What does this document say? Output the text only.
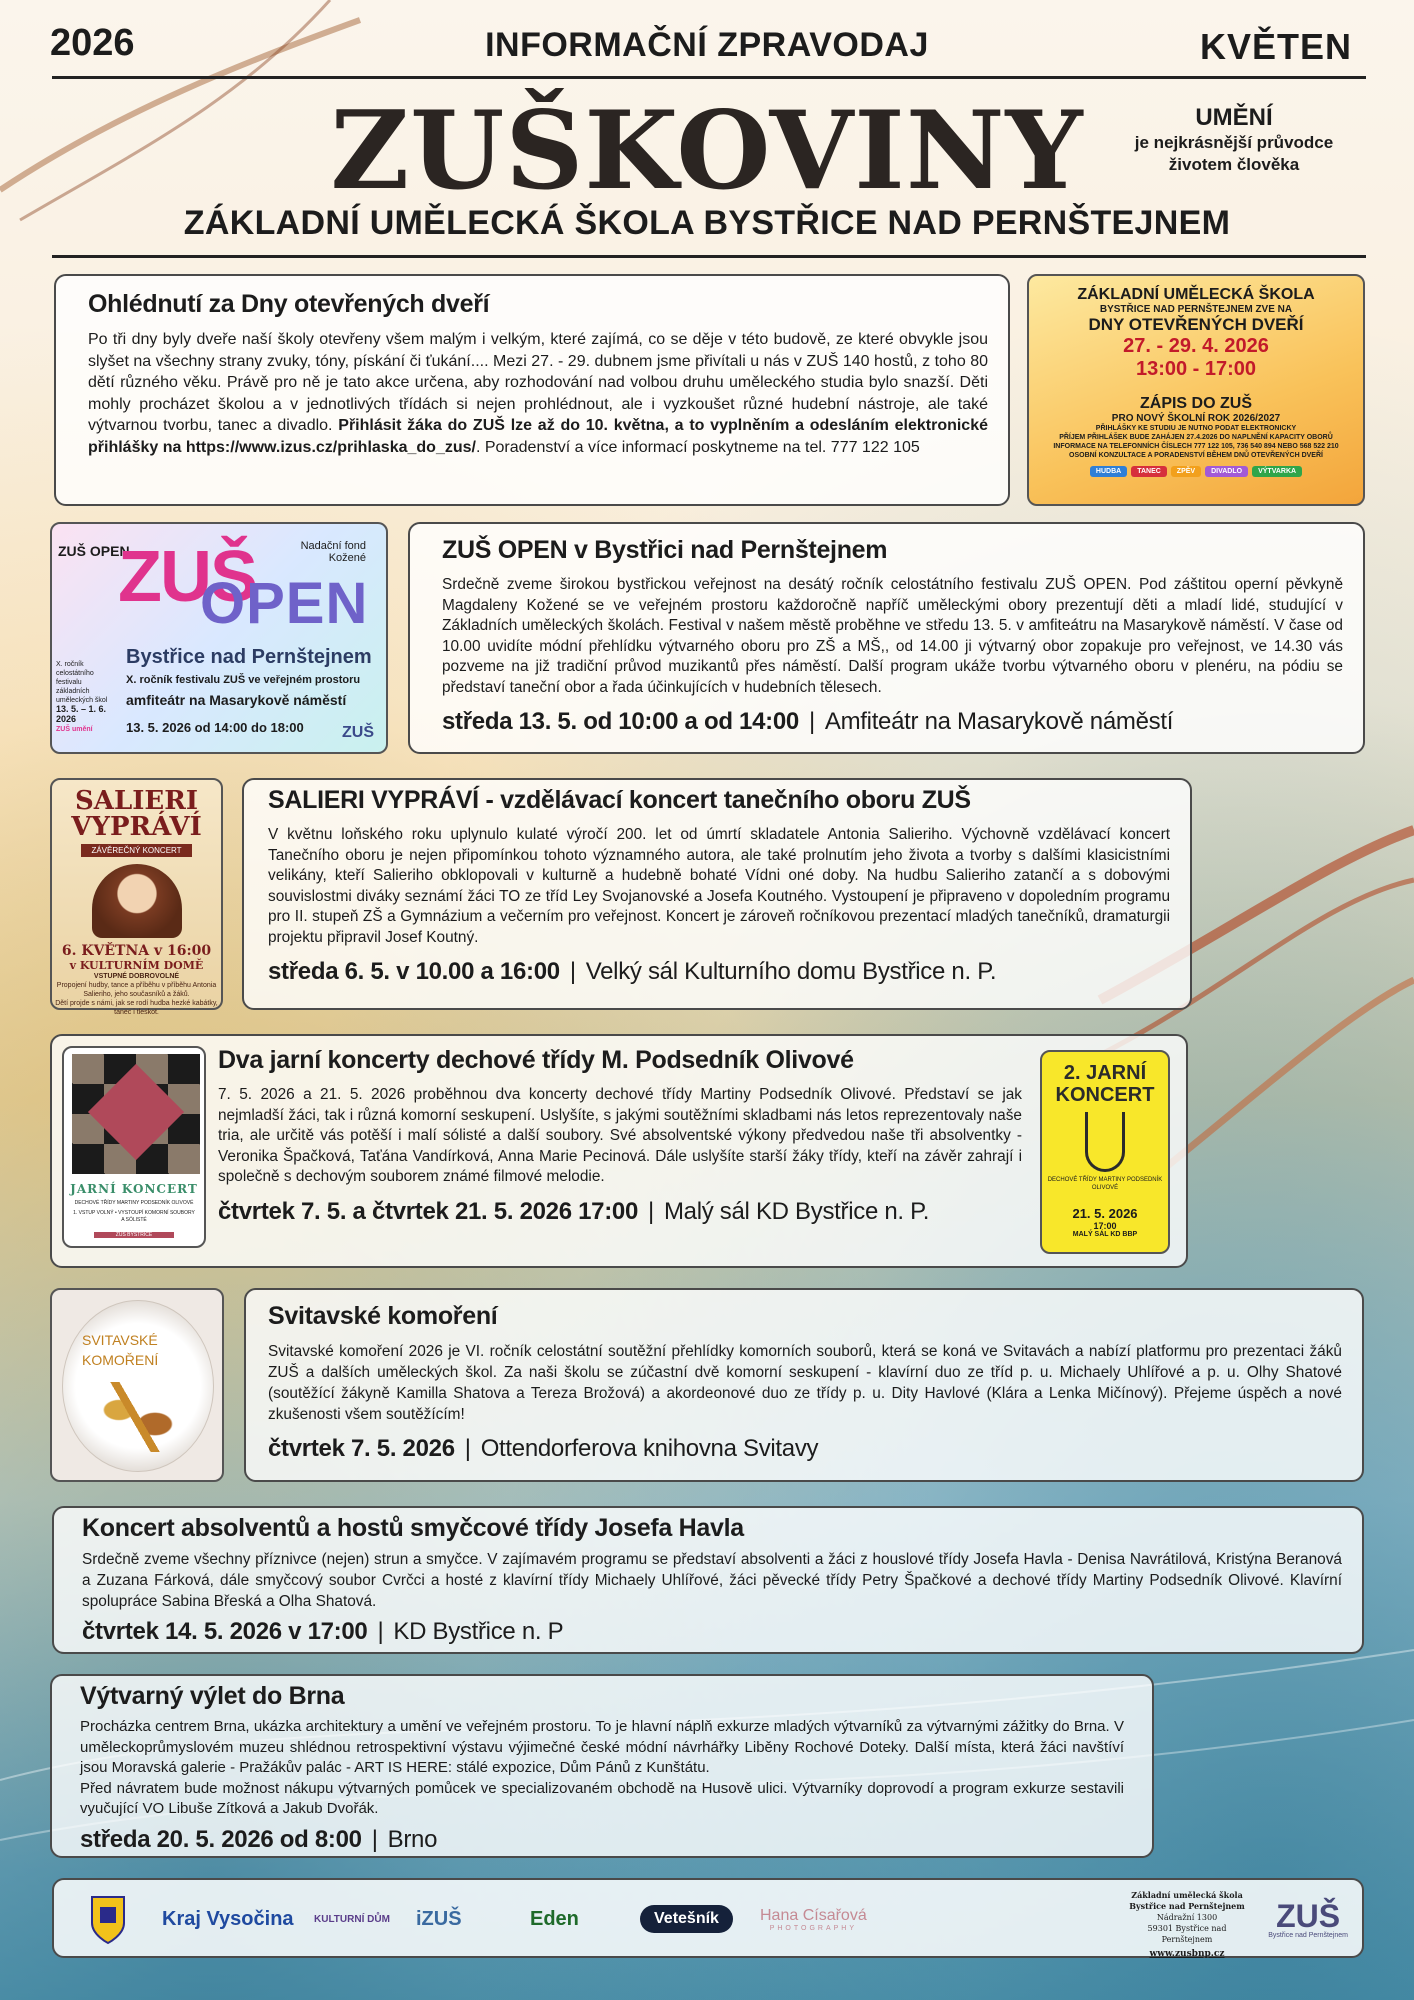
2026	INFORMAČNÍ ZPRAVODAJ	KVĚTEN
ZUŠKOVINY	UMĚNÍ
je nejkrásnější průvodce životem člověka
ZÁKLADNÍ UMĚLECKÁ ŠKOLA BYSTŘICE NAD PERNŠTEJNEM
Ohlédnutí za Dny otevřených dveří

Po tři dny byly dveře naší školy otevřeny všem malým i velkým, které zajímá, co se děje v této budově, ze které obvykle jsou slyšet na všechny strany zvuky, tóny, pískání či ťukání.... Mezi 27. - 29. dubnem jsme přivítali u nás v ZUŠ 140 hostů, z toho 80 dětí různého věku. Právě pro ně je tato akce určena, aby rozhodování nad volbou druhu uměleckého studia bylo snazší. Děti mohly procházet školou a v jednotlivých třídách si nejen prohlédnout, ale i vyzkoušet různé hudební nástroje, ale také výtvarnou tvorbu, tanec a divadlo. Přihlásit žáka do ZUŠ lze až do 10. května, a to vyplněním a odesláním elektronické přihlášky na https://www.izus.cz/prihlaska_do_zus/. Poradenství a více informací poskytneme na tel. 777 122 105

ZÁKLADNÍ UMĚLECKÁ ŠKOLA
BYSTŘICE NAD PERNŠTEJNEM ZVE NA
DNY OTEVŘENÝCH DVEŘÍ
27. - 29. 4. 2026
13:00 - 17:00
ZÁPIS DO ZUŠ
PRO NOVÝ ŠKOLNÍ ROK 2026/2027
PŘIHLÁŠKY KE STUDIU JE NUTNO PODAT ELEKTRONICKY
PŘÍJEM PŘIHLÁŠEK BUDE ZAHÁJEN 27.4.2026 DO NAPLNĚNÍ KAPACITY OBORŮ
INFORMACE NA TELEFONNÍCH ČÍSLECH 777 122 105, 736 540 894 NEBO 568 522 210
OSOBNÍ KONZULTACE A PORADENSTVÍ BĚHEM DNŮ OTEVŘENÝCH DVEŘÍ
HUDBA	TANEC	ZPĚV	DIVADLO	VÝTVARKA
ZUŠ OPEN
ZUŠ
OPEN
Nadační fond
Kožené
X. ročník celostátního festivalu základních uměleckých škol
13. 5. – 1. 6. 2026
ZUŠ umění
Bystřice nad Pernštejnem
X. ročník festivalu ZUŠ ve veřejném prostoru
amfiteátr na Masarykově náměstí
13. 5. 2026 od 14:00 do 18:00 ZUŠ
ZUŠ OPEN v Bystřici nad Pernštejnem

Srdečně zveme širokou bystřickou veřejnost na desátý ročník celostátního festivalu ZUŠ OPEN. Pod záštitou operní pěvkyně Magdaleny Kožené se ve veřejném prostoru každoročně napříč uměleckými obory prezentují děti a mladí lidé, studující v Základních uměleckých školách. Festival v našem městě proběhne ve středu 13. 5. v amfiteátru na Masarykově náměstí. V čase od 10.00 uvidíte módní přehlídku výtvarného oboru pro ZŠ a MŠ,, od 14.00 ji výtvarný obor zopakuje pro veřejnost, ve 14.30 vás pozveme na již tradiční průvod muzikantů přes náměstí. Další program ukáže tvorbu výtvarného oboru v plenéru, na pódiu se představí taneční obor a řada účinkujících v hudebních tělesech.

středa 13. 5. od 10:00 a od 14:00 | Amfiteátr na Masarykově náměstí
SALIERI
VYPRÁVÍ
ZÁVĚREČNÝ KONCERT
6. KVĚTNA v 16:00
v KULTURNÍM DOMĚ
VSTUPNÉ DOBROVOLNÉ
Propojení hudby, tance a příběhu v příběhu Antonia Salieriho, jeho současníků a žáků.
Dětí projde s námi, jak se rodí hudba hezké kabátky, tanec i tleskot.
SALIERI VYPRÁVÍ - vzdělávací koncert tanečního oboru ZUŠ

V květnu loňského roku uplynulo kulaté výročí 200. let od úmrtí skladatele Antonia Salieriho. Výchovně vzdělávací koncert Tanečního oboru je nejen připomínkou tohoto významného autora, ale také prolnutím jeho života a tvorby s dalšími klasicistními velikány, kteří Salieriho obklopovali v kulturně a hudebně bohaté Vídni oné doby. Na hudbu Salieriho zatančí a s dobovými souvislostmi diváky seznámí žáci TO ze tříd Ley Svojanovské a Josefa Koutného. Vystoupení je připraveno v dopoledním programu pro II. stupeň ZŠ a Gymnázium a večerním pro veřejnost. Koncert je zároveň ročníkovou prezentací mladých tanečníků, dramaturgii projektu připravil Josef Koutný.

středa 6. 5. v 10.00 a 16:00 | Velký sál Kulturního domu Bystřice n. P.
Dva jarní koncerty dechové třídy M. Podsedník Olivové

7. 5. 2026 a 21. 5. 2026 proběhnou dva koncerty dechové třídy Martiny Podsedník Olivové. Představí se jak nejmladší žáci, tak i různá komorní seskupení. Uslyšíte, s jakými soutěžními skladbami nás letos reprezentovaly naše tria, ale určitě vás potěší i malí sólisté a další soubory. Své absolventské výkony předvedou naše tři absolventky - Veronika Špačková, Taťána Vandírková, Anna Marie Pecinová. Dále uslyšíte starší žáky třídy, kteří na závěr zahrají i společně s dechovým souborem známé filmové melodie.

čtvrtek 7. 5. a čtvrtek 21. 5. 2026 17:00 | Malý sál KD Bystřice n. P.
JARNÍ KONCERT
DECHOVÉ TŘÍDY MARTINY PODSEDNÍK OLIVOVÉ
1. VSTUP VOLNÝ • VYSTOUPÍ KOMORNÍ SOUBORY A SÓLISTÉ
ZUŠ BYSTŘICE
2. JARNÍ
KONCERT
DECHOVÉ TŘÍDY MARTINY PODSEDNÍK OLIVOVÉ
21. 5. 2026
17:00
MALÝ SÁL KD BBP
SVITAVSKÉ
KOMOŘENÍ
Svitavské komoření

Svitavské komoření 2026 je VI. ročník celostátní soutěžní přehlídky komorních souborů, která se koná ve Svitavách a nabízí platformu pro prezentaci žáků ZUŠ a dalších uměleckých škol. Za naši školu se zúčastní dvě komorní seskupení - klavírní duo ze tříd p. u. Michaely Uhlířové a p. u. Olhy Shatové (soutěžící žákyně Kamilla Shatova a Tereza Brožová) a akordeonové duo ze třídy p. u. Dity Havlové (Klára a Lenka Mičínový). Přejeme úspěch a nové zkušenosti všem soutěžícím!

čtvrtek 7. 5. 2026 | Ottendorferova knihovna Svitavy
Koncert absolventů a hostů smyčcové třídy Josefa Havla

Srdečně zveme všechny příznivce (nejen) strun a smyčce. V zajímavém programu se představí absolventi a žáci z houslové třídy Josefa Havla - Denisa Navrátilová, Kristýna Beranová a Zuzana Fárková, dále smyčcový soubor Cvrčci a hosté z klavírní třídy Michaely Uhlířové, žáci pěvecké třídy Petry Špačkové a dechové třídy Martiny Podsedník Olivové. Klavírní spolupráce Sabina Břeská a Olha Shatová.

čtvrtek 14. 5. 2026 v 17:00 | KD Bystřice n. P
Výtvarný výlet do Brna

Procházka centrem Brna, ukázka architektury a umění ve veřejném prostoru. To je hlavní náplň exkurze mladých výtvarníků za výtvarnými zážitky do Brna. V uměleckoprůmyslovém muzeu shlédnou retrospektivní výstavu výjimečné české módní návrhářky Liběny Rochové Doteky. Další místa, která žáci navštíví jsou Moravská galerie - Pražákův palác - ART IS HERE: stálé expozice, Dům Pánů z Kunštátu.

Před návratem bude možnost nákupu výtvarných pomůcek ve specializovaném obchodě na Husově ulici. Výtvarníky doprovodí a program exkurze sestavili vyučující VO Libuše Zítková a Jakub Dvořák.

středa 20. 5. 2026 od 8:00 | Brno
Kraj Vysočina KULTURNÍ DŮM iZUŠ	Eden	Vetešník	Hana Císařová
PHOTOGRAPHY
Základní umělecká škola
Bystřice nad Pernštejnem
Nádražní 1300
59301 Bystřice nad Pernštejnem
www.zusbnp.cz
ZUŠ
Bystřice nad Pernštejnem
